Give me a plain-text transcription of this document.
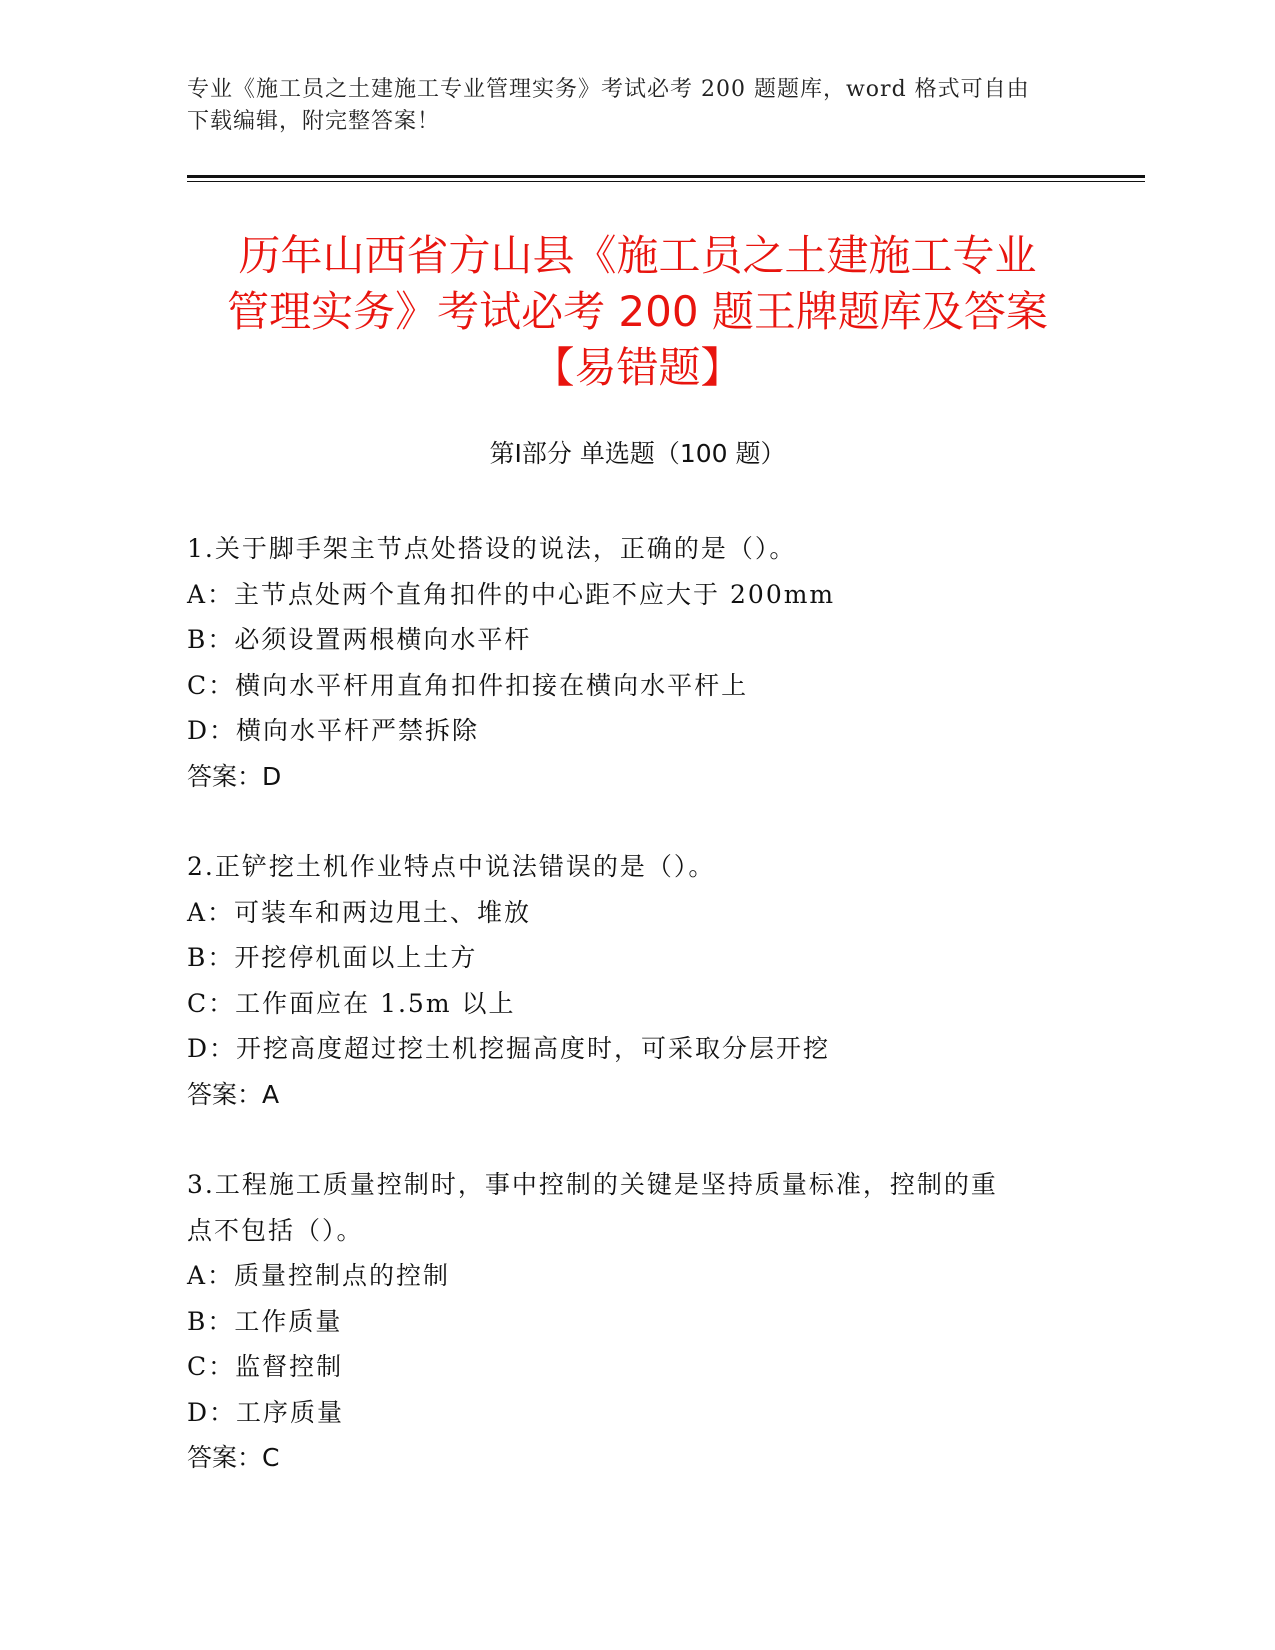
专业《施工员之土建施工专业管理实务》考试必考 200 题题库，word 格式可自由
下载编辑，附完整答案！
历年山西省方山县《施工员之土建施工专业
管理实务》考试必考 200 题王牌题库及答案
【易错题】
第Ⅰ部分 单选题（100 题）
1.关于脚手架主节点处搭设的说法，正确的是（）。
A：主节点处两个直角扣件的中心距不应大于 200mm
B：必须设置两根横向水平杆
C：横向水平杆用直角扣件扣接在横向水平杆上
D：横向水平杆严禁拆除
答案：D
2.正铲挖土机作业特点中说法错误的是（）。
A：可装车和两边甩土、堆放
B：开挖停机面以上土方
C：工作面应在 1.5m 以上
D：开挖高度超过挖土机挖掘高度时，可采取分层开挖
答案：A
3.工程施工质量控制时，事中控制的关键是坚持质量标准，控制的重
点不包括（）。
A：质量控制点的控制
B：工作质量
C：监督控制
D：工序质量
答案：C
